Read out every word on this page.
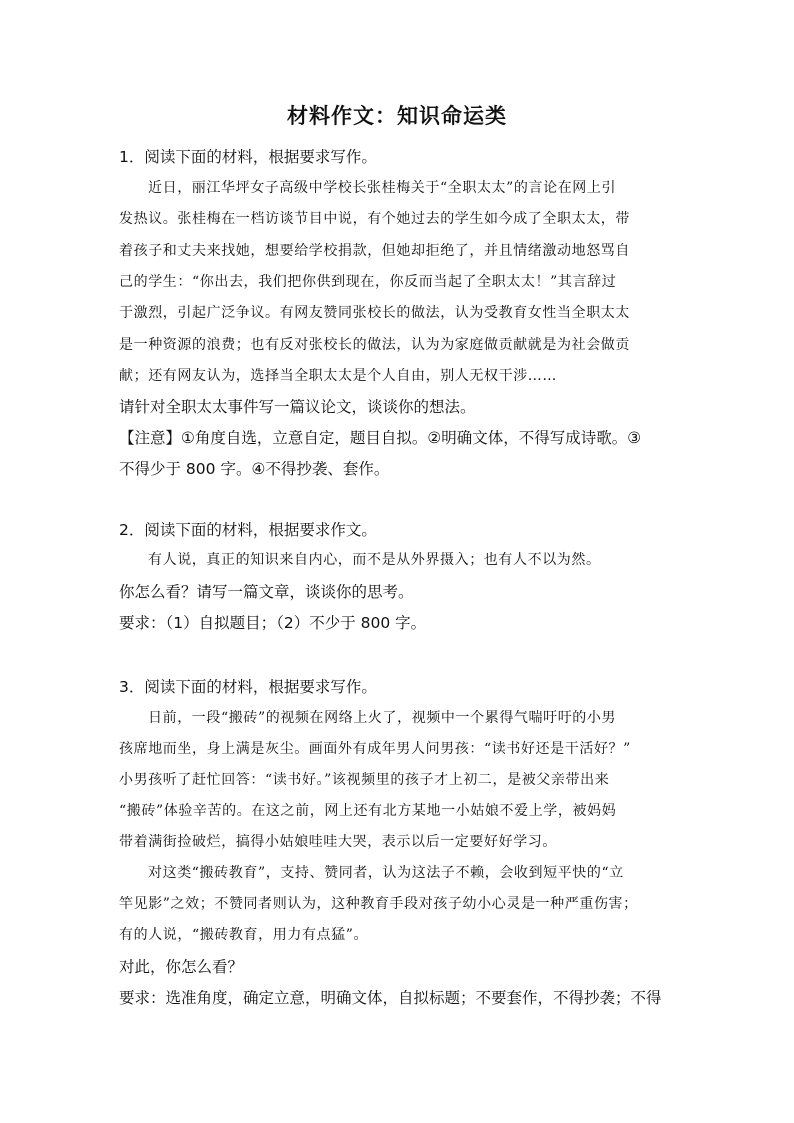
材料作文：知识命运类
1．阅读下面的材料，根据要求写作。
近日，丽江华坪女子高级中学校长张桂梅关于“全职太太”的言论在网上引
发热议。张桂梅在一档访谈节目中说，有个她过去的学生如今成了全职太太，带
着孩子和丈夫来找她，想要给学校捐款，但她却拒绝了，并且情绪激动地怒骂自
己的学生：“你出去，我们把你供到现在，你反而当起了全职太太！”其言辞过
于激烈，引起广泛争议。有网友赞同张校长的做法，认为受教育女性当全职太太
是一种资源的浪费；也有反对张校长的做法，认为为家庭做贡献就是为社会做贡
献；还有网友认为，选择当全职太太是个人自由，别人无权干涉……
请针对全职太太事件写一篇议论文，谈谈你的想法。
【注意】①角度自选，立意自定，题目自拟。②明确文体，不得写成诗歌。③
不得少于 800 字。④不得抄袭、套作。
2．阅读下面的材料，根据要求作文。
有人说，真正的知识来自内心，而不是从外界摄入；也有人不以为然。
你怎么看？请写一篇文章，谈谈你的思考。
要求：（1）自拟题目；（2）不少于 800 字。
3．阅读下面的材料，根据要求写作。
日前，一段“搬砖”的视频在网络上火了，视频中一个累得气喘吁吁的小男
孩席地而坐，身上满是灰尘。画面外有成年男人问男孩：“读书好还是干活好？”
小男孩听了赶忙回答：“读书好。”该视频里的孩子才上初二，是被父亲带出来
“搬砖”体验辛苦的。在这之前，网上还有北方某地一小姑娘不爱上学，被妈妈
带着满街捡破烂，搞得小姑娘哇哇大哭，表示以后一定要好好学习。
对这类“搬砖教育”，支持、赞同者，认为这法子不赖，会收到短平快的“立
竿见影”之效；不赞同者则认为，这种教育手段对孩子幼小心灵是一种严重伤害；
有的人说，“搬砖教育，用力有点猛”。
对此，你怎么看？
要求：选准角度，确定立意，明确文体，自拟标题；不要套作，不得抄袭；不得
